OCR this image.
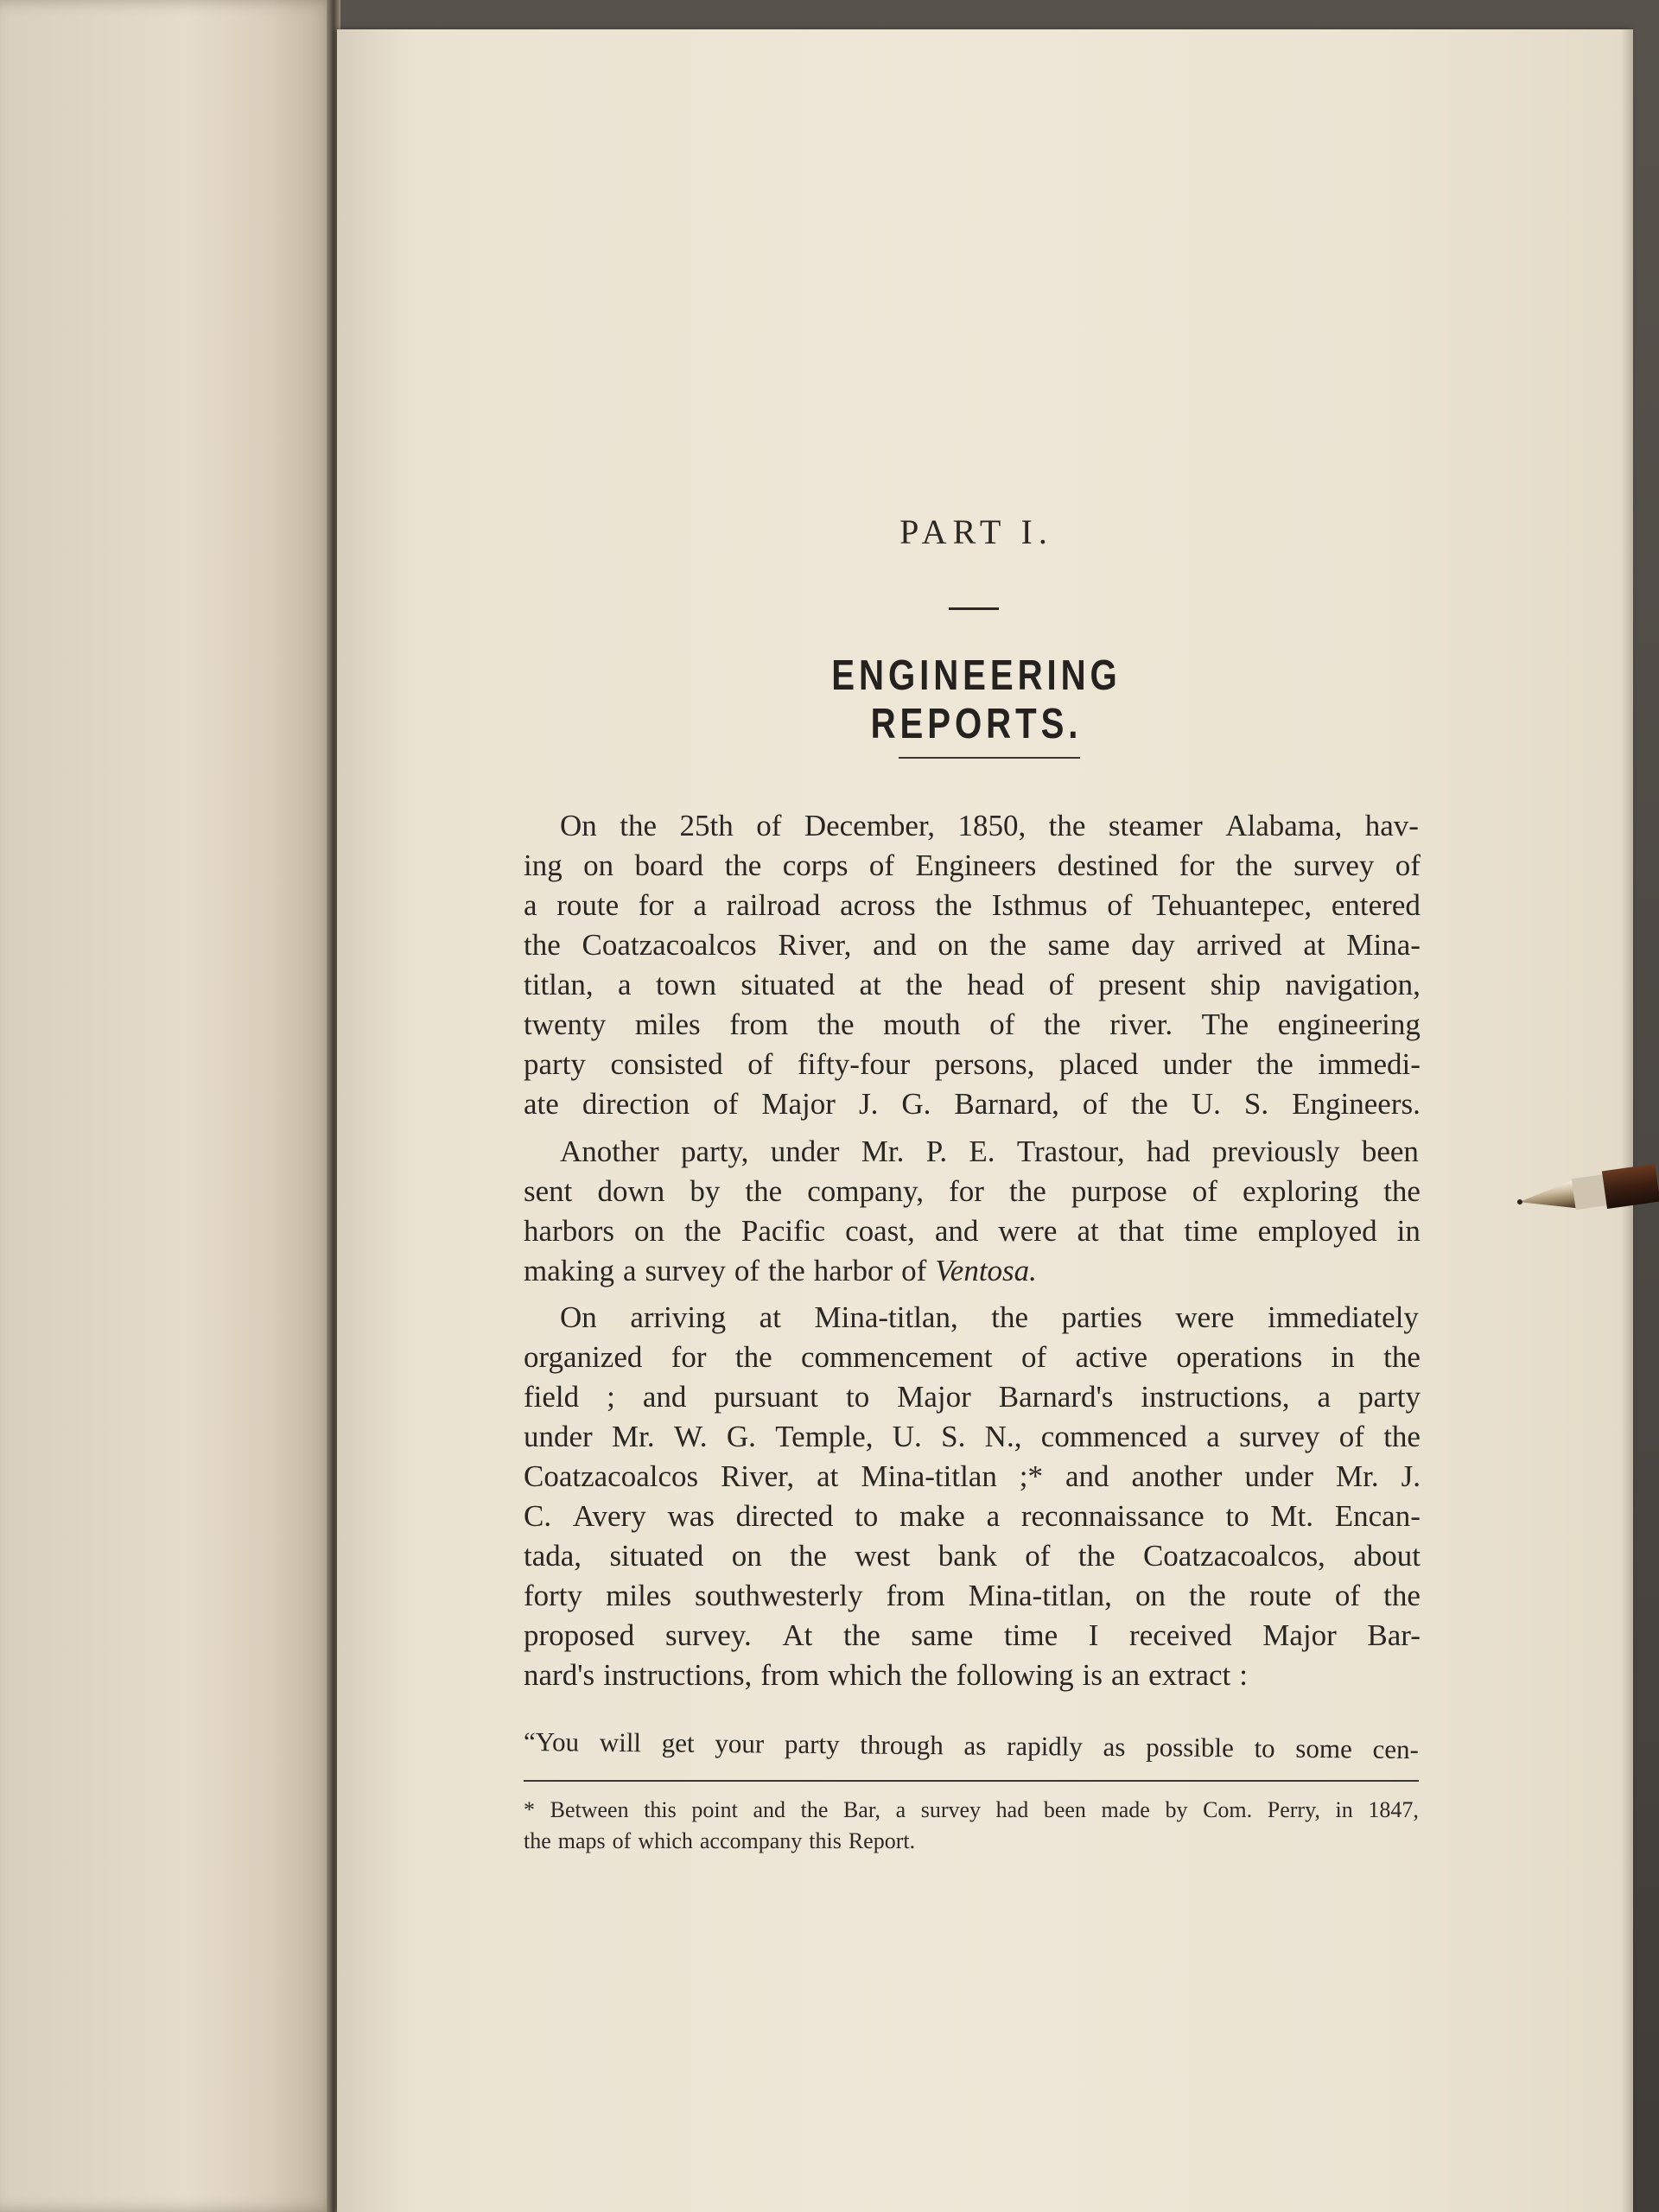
PART I.
ENGINEERING REPORTS.
On the 25th of December, 1850, the steamer Alabama, hav-
ing on board the corps of Engineers destined for the survey of
a route for a railroad across the Isthmus of Tehuantepec, entered
the Coatzacoalcos River, and on the same day arrived at Mina-
titlan, a town situated at the head of present ship navigation,
twenty miles from the mouth of the river. The engineering
party consisted of fifty-four persons, placed under the immedi-
ate direction of Major J. G. Barnard, of the U. S. Engineers.
Another party, under Mr. P. E. Trastour, had previously been
sent down by the company, for the purpose of exploring the
harbors on the Pacific coast, and were at that time employed in
making a survey of the harbor of Ventosa.
On arriving at Mina-titlan, the parties were immediately
organized for the commencement of active operations in the
field ; and pursuant to Major Barnard's instructions, a party
under Mr. W. G. Temple, U. S. N., commenced a survey of the
Coatzacoalcos River, at Mina-titlan ;* and another under Mr. J.
C. Avery was directed to make a reconnaissance to Mt. Encan-
tada, situated on the west bank of the Coatzacoalcos, about
forty miles southwesterly from Mina-titlan, on the route of the
proposed survey. At the same time I received Major Bar-
nard's instructions, from which the following is an extract :
“You will get your party through as rapidly as possible to some cen-
* Between this point and the Bar, a survey had been made by Com. Perry, in 1847,
the maps of which accompany this Report.
